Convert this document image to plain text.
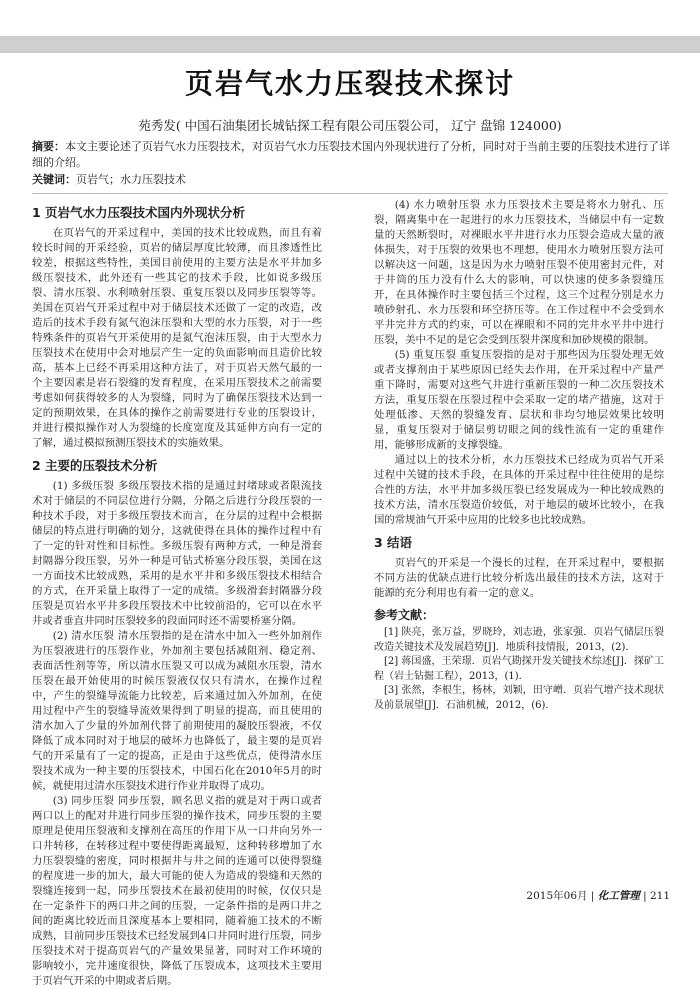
页岩气水力压裂技术探讨
苑秀发( 中国石油集团长城钻探工程有限公司压裂公司， 辽宁 盘锦 124000)
摘要：本文主要论述了页岩气水力压裂技术，对页岩气水力压裂技术国内外现状进行了分析，同时对于当前主要的压裂技术进行了详细的介绍。
关键词：页岩气；水力压裂技术
1 页岩气水力压裂技术国内外现状分析

在页岩气的开采过程中，美国的技术比较成熟，而且有着较长时间的开采经验，页岩的储层厚度比较薄，而且渗透性比较差，根据这些特性，美国目前使用的主要方法是水平井加多级压裂技术，此外还有一些其它的技术手段，比如说多级压裂、清水压裂、水利喷射压裂、重复压裂以及同步压裂等等。美国在页岩气开采过程中对于储层技术还做了一定的改造，改造后的技术手段有氮气泡沫压裂和大型的水力压裂，对于一些特殊条件的页岩气开采使用的是氮气泡沫压裂，由于大型水力压裂技术在使用中会对地层产生一定的负面影响而且造价比较高，基本上已经不再采用这种方法了，对于页岩天然气最的一个主要因素是岩石裂缝的发育程度，在采用压裂技术之前需要考虑如何获得较多的人为裂缝，同时为了确保压裂技术达到一定的预期效果，在具体的操作之前需要进行专业的压裂设计，并进行模拟操作对人为裂缝的长度宽度及其延伸方向有一定的了解，通过模拟预测压裂技术的实施效果。

2 主要的压裂技术分析

(1) 多级压裂 多级压裂技术指的是通过封堵球或者限流技术对于储层的不同层位进行分隔，分隔之后进行分段压裂的一种技术手段，对于多级压裂技术而言，在分层的过程中会根据储层的特点进行明确的划分，这就使得在具体的操作过程中有了一定的针对性和目标性。多级压裂有两种方式，一种是滑套封隔器分段压裂，另外一种是可钻式桥塞分段压裂，美国在这一方面技术比较成熟，采用的是水平井和多级压裂技术相结合的方式，在开采量上取得了一定的成绩。多级滑套封隔器分段压裂是页岩水平井多段压裂技术中比较前沿的，它可以在水平井或者垂直井同时压裂较多的段面同时还不需要桥塞分隔。

(2) 清水压裂 清水压裂指的是在清水中加入一些外加剂作为压裂液进行的压裂作业，外加剂主要包括减阻剂、稳定剂、表面活性剂等等，所以清水压裂又可以成为减阻水压裂，清水压裂在最开始使用的时候压裂液仅仅只有清水，在操作过程中，产生的裂缝导流能力比较差，后来通过加入外加剂，在使用过程中产生的裂缝导流效果得到了明显的提高，而且使用的清水加入了少量的外加剂代替了前期使用的凝胶压裂液，不仅降低了成本同时对于地层的破坏力也降低了，最主要的是页岩气的开采量有了一定的提高，正是由于这些优点，使得清水压裂技术成为一种主要的压裂技术，中国石化在2010年5月的时候，就使用过清水压裂技术进行作业并取得了成功。

(3) 同步压裂 同步压裂，顾名思义指的就是对于两口或者两口以上的配对井进行同步压裂的操作技术，同步压裂的主要原理是使用压裂液和支撑剂在高压的作用下从一口井向另外一口井转移，在转移过程中要使得距离最短，这种转移增加了水力压裂裂缝的密度，同时根据井与井之间的连通可以使得裂缝的程度进一步的加大，最大可能的使人为造成的裂缝和天然的裂缝连接到一起，同步压裂技术在最初使用的时候，仅仅只是在一定条件下的两口井之间的压裂，一定条件指的是两口井之间的距离比较近而且深度基本上要相同，随着施工技术的不断成熟，目前同步压裂技术已经发展到4口井同时进行压裂，同步压裂技术对于提高页岩气的产量效果显著，同时对工作环境的影响较小，完井速度很快，降低了压裂成本，这项技术主要用于页岩气开采的中期或者后期。

(4) 水力喷射压裂 水力压裂技术主要是将水力射孔、压裂，隔离集中在一起进行的水力压裂技术，当储层中有一定数量的天然断裂时，对裸眼水平井进行水力压裂会造成大量的液体损失，对于压裂的效果也不理想，使用水力喷射压裂方法可以解决这一问题，这是因为水力喷射压裂不使用密封元件，对于井筒的压力没有什么大的影响，可以快速的使多条裂缝压开，在具体操作时主要包括三个过程，这三个过程分别是水力喷砂射孔、水力压裂和环空挤压等。在工作过程中不会受到水平井完井方式的约束，可以在裸眼和不同的完井水平井中进行压裂，美中不足的是它会受到压裂井深度和加砂规模的限制。

(5) 重复压裂 重复压裂指的是对于那些因为压裂处理无效或者支撑剂由于某些原因已经失去作用，在开采过程中产量严重下降时，需要对这些气井进行重新压裂的一种二次压裂技术方法，重复压裂在压裂过程中会采取一定的堵产措施，这对于处理低渗、天然的裂缝发育、层状和非均匀地层效果比较明显，重复压裂对于储层剪切眼之间的线性流有一定的重建作用，能够形成新的支撑裂缝。

通过以上的技术分析，水力压裂技术已经成为页岩气开采过程中关键的技术手段，在具体的开采过程中往往使用的是综合性的方法，水平井加多级压裂已经发展成为一种比较成熟的技术方法，清水压裂造价较低，对于地层的破坏比较小，在我国的常规油气开采中应用的比较多也比较成熟。

3 结语

页岩气的开采是一个漫长的过程，在开采过程中，要根据不同方法的优缺点进行比较分析选出最佳的技术方法，这对于能源的充分利用也有着一定的意义。

参考文献：

[1] 陕亮，张万益，罗晓玲，刘志逊，张家强．页岩气储层压裂改造关键技术及发展趋势[J]．地质科技情报，2013，(2)．

[2] 蒋国盛，王荣璟．页岩气勘探开发关键技术综述[J]．探矿工程（岩土钻掘工程），2013，(1)．

[3] 张然，李根生，杨林，刘颖，田守嶒．页岩气增产技术现状及前景展望[J]．石油机械，2012，(6)．

2015年06月 | 化工管理 | 211
